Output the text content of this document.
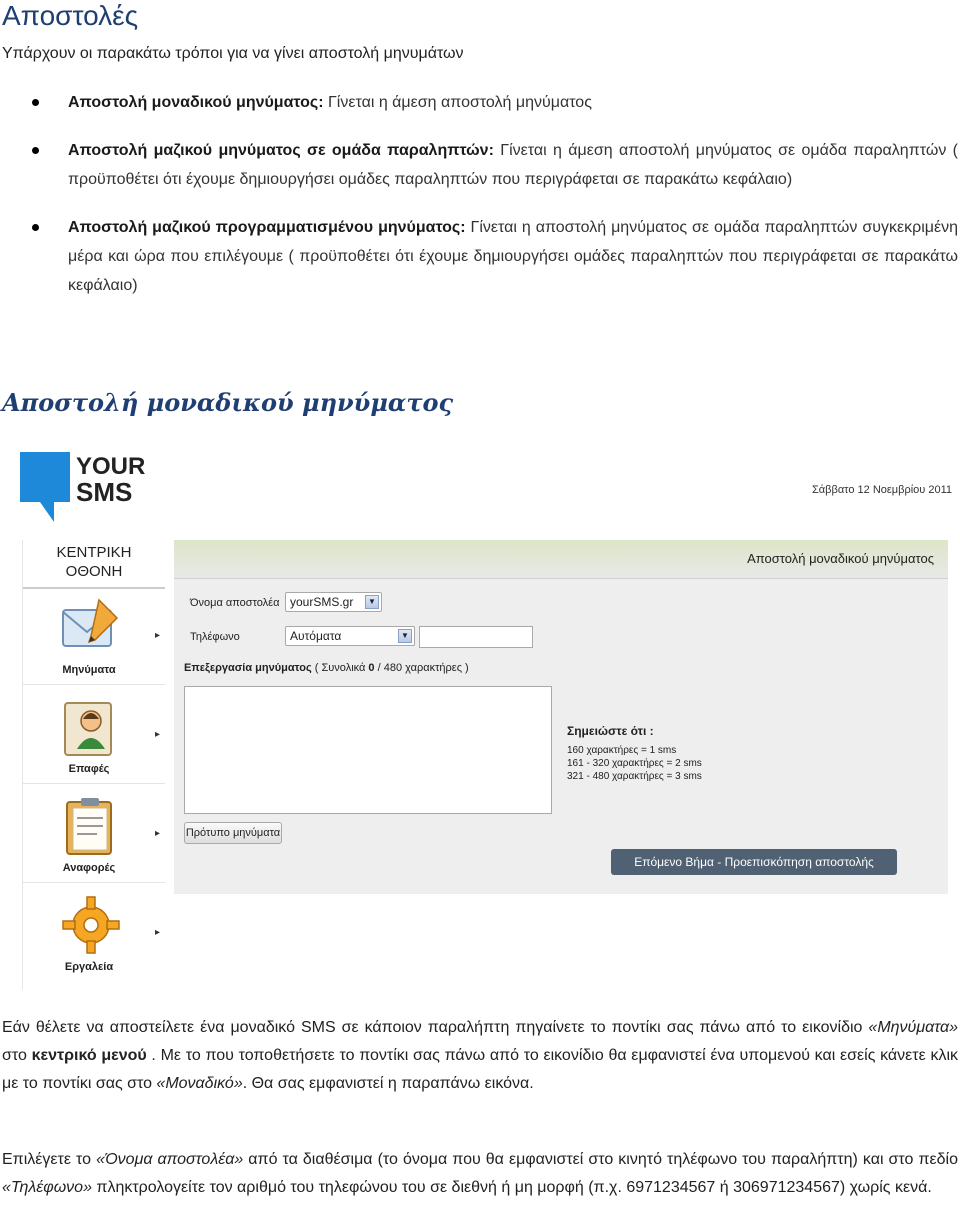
Αποστολές
Υπάρχουν οι παρακάτω τρόποι για να γίνει αποστολή μηνυμάτων
Αποστολή μοναδικού μηνύματος: Γίνεται η άμεση αποστολή μηνύματος
Αποστολή μαζικού μηνύματος σε ομάδα παραληπτών: Γίνεται η άμεση αποστολή μηνύματος σε ομάδα παραληπτών ( προϋποθέτει ότι έχουμε δημιουργήσει ομάδες παραληπτών που περιγράφεται σε παρακάτω κεφάλαιο)
Αποστολή μαζικού προγραμματισμένου μηνύματος: Γίνεται η αποστολή μηνύματος σε ομάδα παραληπτών συγκεκριμένη μέρα και ώρα που επιλέγουμε ( προϋποθέτει ότι έχουμε δημιουργήσει ομάδες παραληπτών που περιγράφεται σε παρακάτω κεφάλαιο)
Αποστολή μοναδικού μηνύματος
YOUR
SMS	Σάββατο 12 Νοεμβρίου 2011
ΚΕΝΤΡΙΚΗ
ΟΘΟΝΗ
▸
Μηνύματα
▸
Επαφές
▸
Αναφορές
▸
Εργαλεία
Αποστολή μοναδικού μηνύματος
Όνομα αποστολέα yourSMS.gr	▼
Τηλέφωνο	Αυτόματα	▼
Επεξεργασία μηνύματος ( Συνολικά 0 / 480 χαρακτήρες )
Σημειώστε ότι :
160 χαρακτήρες = 1 sms
161 - 320 χαρακτήρες = 2 sms
321 - 480 χαρακτήρες = 3 sms
Πρότυπο μηνύματα
Επόμενο Βήμα - Προεπισκόπηση αποστολής

Εάν θέλετε να αποστείλετε ένα μοναδικό SMS σε κάποιον παραλήπτη πηγαίνετε το ποντίκι σας πάνω από το εικονίδιο «Μηνύματα» στο κεντρικό μενού . Με το που τοποθετήσετε το ποντίκι σας πάνω από το εικονίδιο θα εμφανιστεί ένα υπομενού και εσείς κάνετε κλικ με το ποντίκι σας στο «Μοναδικό». Θα σας εμφανιστεί η παραπάνω εικόνα.

Επιλέγετε το «Όνομα αποστολέα» από τα διαθέσιμα (το όνομα που θα εμφανιστεί στο κινητό τηλέφωνο του παραλήπτη) και στο πεδίο «Τηλέφωνο» πληκτρολογείτε τον αριθμό του τηλεφώνου του σε διεθνή ή μη μορφή (π.χ. 6971234567 ή 306971234567) χωρίς κενά.
